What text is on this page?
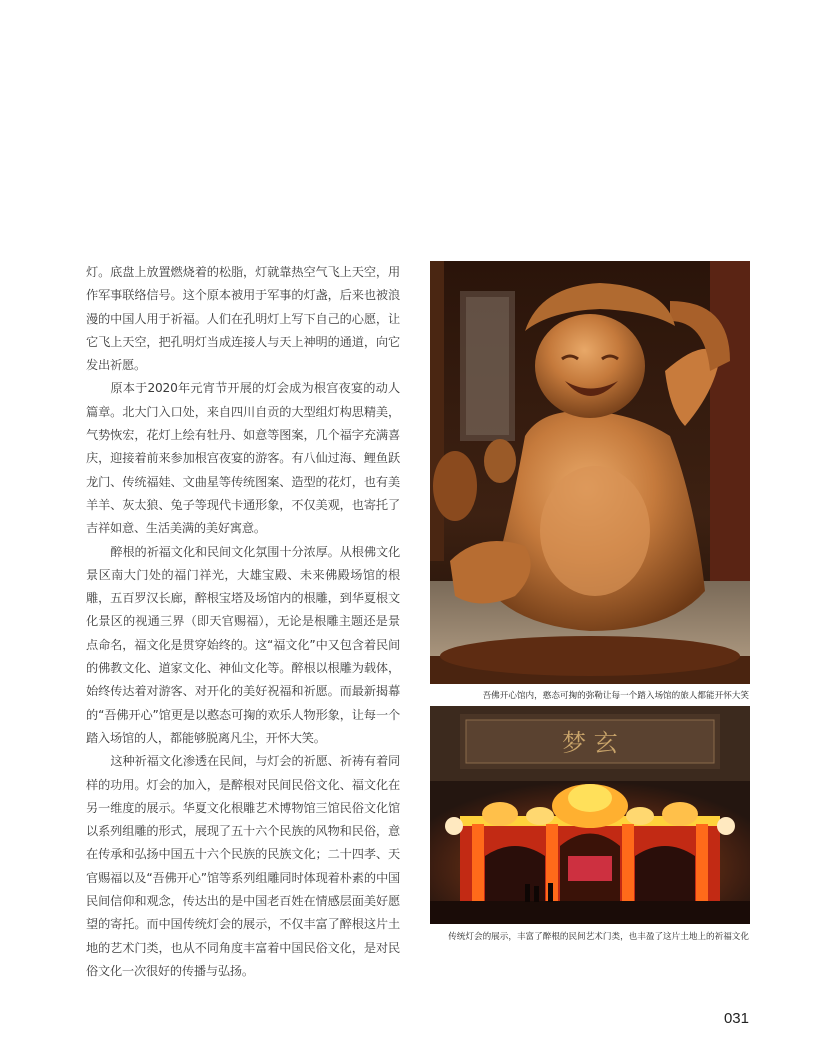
灯。底盘上放置燃烧着的松脂，灯就靠热空气飞上天空，用作军事联络信号。这个原本被用于军事的灯盏，后来也被浪漫的中国人用于祈福。人们在孔明灯上写下自己的心愿，让它飞上天空，把孔明灯当成连接人与天上神明的通道，向它发出祈愿。

原本于2020年元宵节开展的灯会成为根宫夜宴的动人篇章。北大门入口处，来自四川自贡的大型组灯构思精美，气势恢宏，花灯上绘有牡丹、如意等图案，几个福字充满喜庆，迎接着前来参加根宫夜宴的游客。有八仙过海、鲤鱼跃龙门、传统福娃、文曲星等传统图案、造型的花灯，也有美羊羊、灰太狼、兔子等现代卡通形象，不仅美观，也寄托了吉祥如意、生活美满的美好寓意。

醉根的祈福文化和民间文化氛围十分浓厚。从根佛文化景区南大门处的福门祥光，大雄宝殿、未来佛殿场馆的根雕，五百罗汉长廊，醉根宝塔及场馆内的根雕，到华夏根文化景区的视通三界（即天官赐福），无论是根雕主题还是景点命名，福文化是贯穿始终的。这“福文化”中又包含着民间的佛教文化、道家文化、神仙文化等。醉根以根雕为载体，始终传达着对游客、对开化的美好祝福和祈愿。而最新揭幕的“吾佛开心”馆更是以憨态可掬的欢乐人物形象，让每一个踏入场馆的人，都能够脱离凡尘，开怀大笑。

这种祈福文化渗透在民间，与灯会的祈愿、祈祷有着同样的功用。灯会的加入，是醉根对民间民俗文化、福文化在另一维度的展示。华夏文化根雕艺术博物馆三馆民俗文化馆以系列组雕的形式，展现了五十六个民族的风物和民俗，意在传承和弘扬中国五十六个民族的民族文化；二十四孝、天官赐福以及“吾佛开心”馆等系列组雕同时体现着朴素的中国民间信仰和观念，传达出的是中国老百姓在情感层面美好愿望的寄托。而中国传统灯会的展示，不仅丰富了醉根这片土地的艺术门类，也从不同角度丰富着中国民俗文化，是对民俗文化一次很好的传播与弘扬。

吾佛开心馆内，憨态可掬的弥勒让每一个踏入场馆的旅人都能开怀大笑
梦 玄
传统灯会的展示，丰富了醉根的民间艺术门类，也丰盈了这片土地上的祈福文化
031
